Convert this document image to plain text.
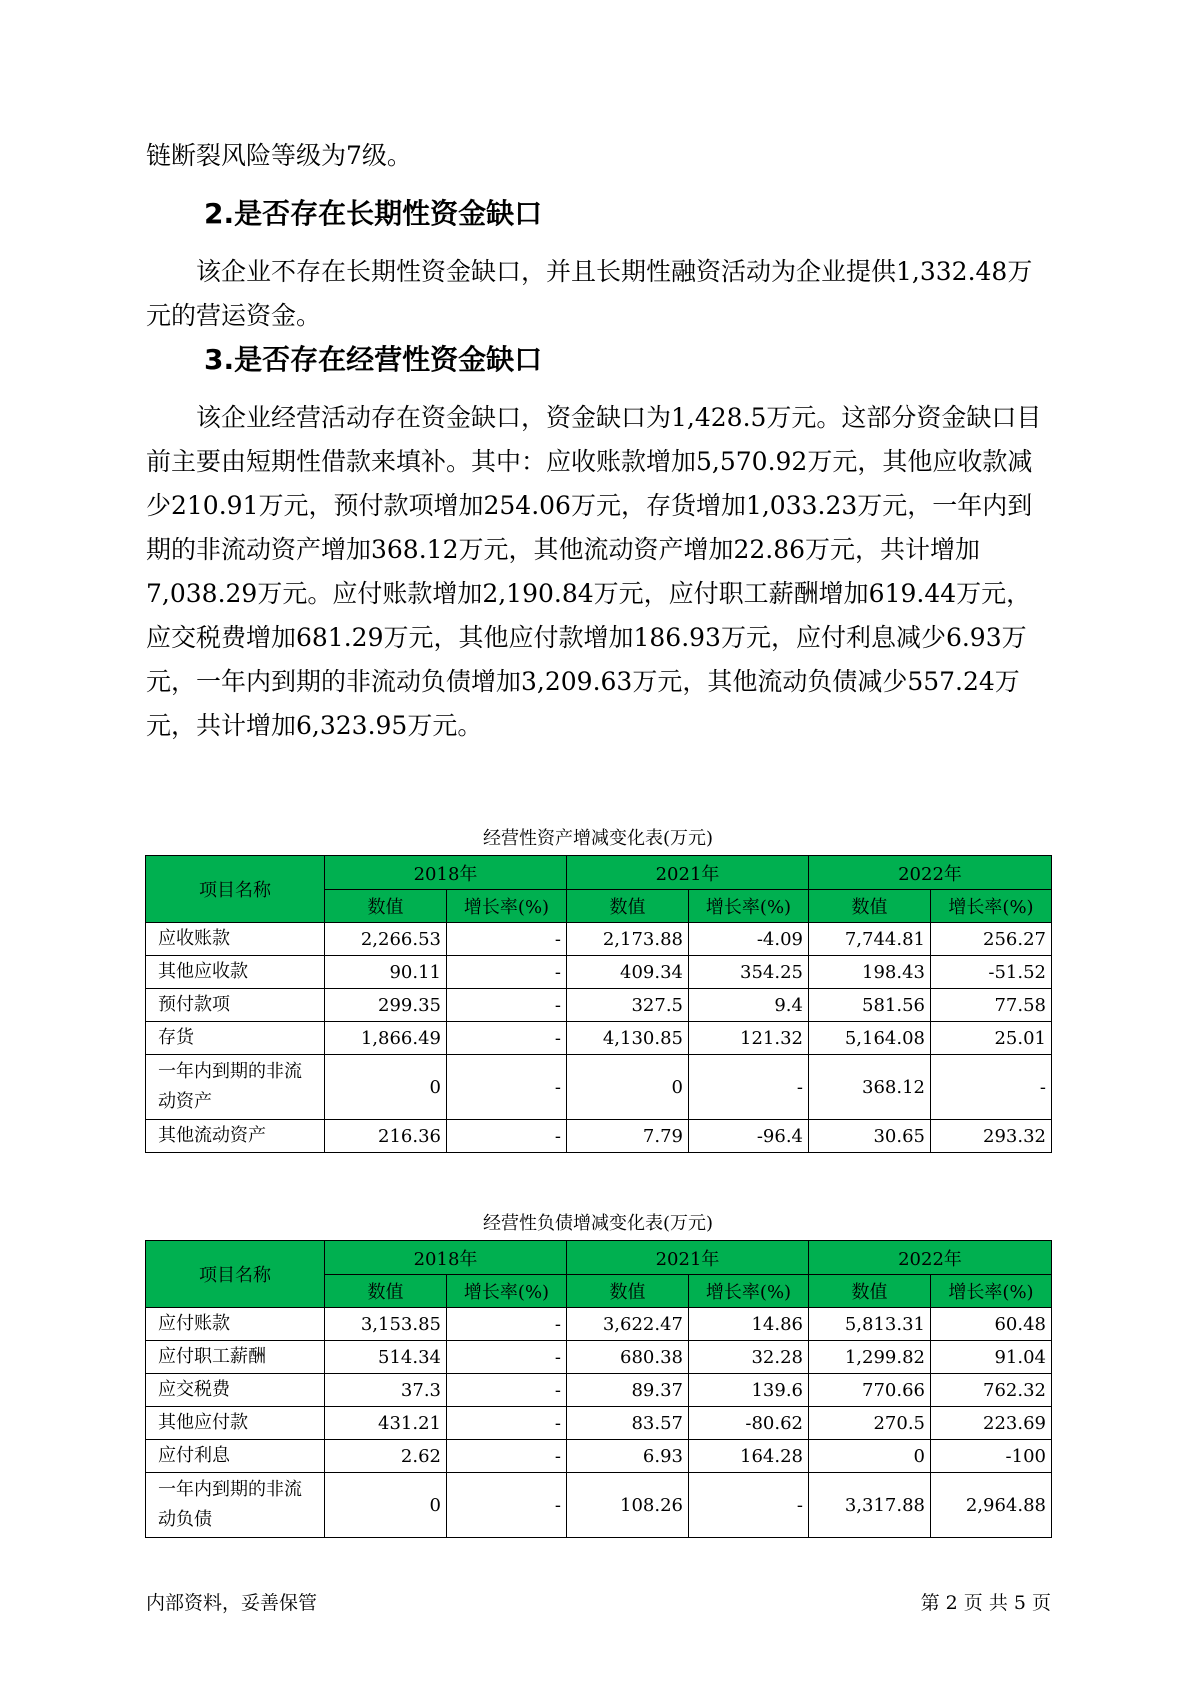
链断裂风险等级为7级。

2.是否存在长期性资金缺口

该企业不存在长期性资金缺口，并且长期性融资活动为企业提供1,332.48万元的营运资金。

3.是否存在经营性资金缺口

该企业经营活动存在资金缺口，资金缺口为1,428.5万元。这部分资金缺口目前主要由短期性借款来填补。其中：应收账款增加5,570.92万元，其他应收款减少210.91万元，预付款项增加254.06万元，存货增加1,033.23万元，一年内到期的非流动资产增加368.12万元，其他流动资产增加22.86万元，共计增加7,038.29万元。应付账款增加2,190.84万元，应付职工薪酬增加619.44万元，应交税费增加681.29万元，其他应付款增加186.93万元，应付利息减少6.93万元，一年内到期的非流动负债增加3,209.63万元，其他流动负债减少557.24万元，共计增加6,323.95万元。

经营性资产增减变化表(万元)
项目名称	2018年		2021年		2022年	
	数值	增长率(%)	数值	增长率(%)	数值	增长率(%)
应收账款	2,266.53	-	2,173.88	-4.09	7,744.81	256.27
其他应收款	90.11	-	409.34	354.25	198.43	-51.52
预付款项	299.35	-	327.5	9.4	581.56	77.58
存货	1,866.49	-	4,130.85	121.32	5,164.08	25.01
一年内到期的非流动资产	0	-	0	-	368.12	-
其他流动资产	216.36	-	7.79	-96.4	30.65	293.32
经营性负债增减变化表(万元)
项目名称	2018年		2021年		2022年	
	数值	增长率(%)	数值	增长率(%)	数值	增长率(%)
应付账款	3,153.85	-	3,622.47	14.86	5,813.31	60.48
应付职工薪酬	514.34	-	680.38	32.28	1,299.82	91.04
应交税费	37.3	-	89.37	139.6	770.66	762.32
其他应付款	431.21	-	83.57	-80.62	270.5	223.69
应付利息	2.62	-	6.93	164.28	0	-100
一年内到期的非流动负债	0	-	108.26	-	3,317.88	2,964.88
内部资料，妥善保管	第 2 页 共 5 页
